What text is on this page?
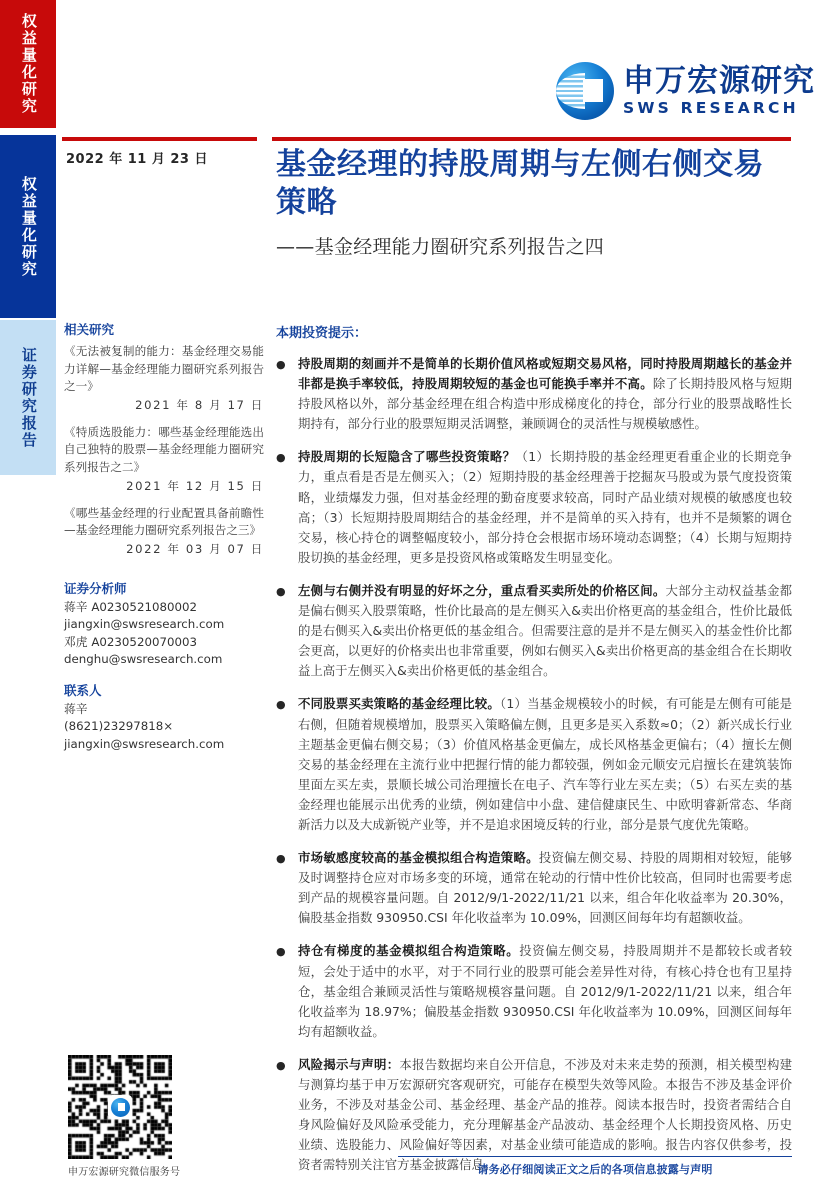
权益量化研究
权益量化研究
证券研究报告
申万宏源研究
SWS RESEARCH
2022 年 11 月 23 日 基金经理的持股周期与左侧右侧交易策略
——基金经理能力圈研究系列报告之四
相关研究
《无法被复制的能力：基金经理交易能力详解—基金经理能力圈研究系列报告之一》
2021 年 8 月 17 日
《特质选股能力：哪些基金经理能选出自己独特的股票—基金经理能力圈研究系列报告之二》
2021 年 12 月 15 日
《哪些基金经理的行业配置具备前瞻性—基金经理能力圈研究系列报告之三》
2022 年 03 月 07 日
证券分析师
蒋辛 A0230521080002
jiangxin@swsresearch.com
邓虎 A0230520070003
denghu@swsresearch.com
联系人
蒋辛
(8621)23297818×
jiangxin@swsresearch.com
申万宏源研究微信服务号
本期投资提示：
● 持股周期的刻画并不是简单的长期价值风格或短期交易风格，同时持股周期越长的基金并非都是换手率较低，持股周期较短的基金也可能换手率并不高。除了长期持股风格与短期持股风格以外，部分基金经理在组合构造中形成梯度化的持仓，部分行业的股票战略性长期持有，部分行业的股票短期灵活调整，兼顾调仓的灵活性与规模敏感性。
● 持股周期的长短隐含了哪些投资策略？（1）长期持股的基金经理更看重企业的长期竞争力，重点看是否是左侧买入；（2）短期持股的基金经理善于挖掘灰马股或为景气度投资策略，业绩爆发力强，但对基金经理的勤奋度要求较高，同时产品业绩对规模的敏感度也较高；（3）长短期持股周期结合的基金经理，并不是简单的买入持有，也并不是频繁的调仓交易，核心持仓的调整幅度较小，部分持仓会根据市场环境动态调整；（4）长期与短期持股切换的基金经理，更多是投资风格或策略发生明显变化。
● 左侧与右侧并没有明显的好坏之分，重点看买卖所处的价格区间。大部分主动权益基金都是偏右侧买入股票策略，性价比最高的是左侧买入&卖出价格更高的基金组合，性价比最低的是右侧买入&卖出价格更低的基金组合。但需要注意的是并不是左侧买入的基金性价比都会更高，以更好的价格卖出也非常重要，例如右侧买入&卖出价格更高的基金组合在长期收益上高于左侧买入&卖出价格更低的基金组合。
● 不同股票买卖策略的基金经理比较。（1）当基金规模较小的时候，有可能是左侧有可能是右侧，但随着规模增加，股票买入策略偏左侧，且更多是买入系数≈0；（2）新兴成长行业主题基金更偏右侧交易；（3）价值风格基金更偏左，成长风格基金更偏右；（4）擅长左侧交易的基金经理在主流行业中把握行情的能力都较强，例如金元顺安元启擅长在建筑装饰里面左买左卖，景顺长城公司治理擅长在电子、汽车等行业左买左卖；（5）右买左卖的基金经理也能展示出优秀的业绩，例如建信中小盘、建信健康民生、中欧明睿新常态、华商新活力以及大成新锐产业等，并不是追求困境反转的行业，部分是景气度优先策略。
● 市场敏感度较高的基金模拟组合构造策略。投资偏左侧交易、持股的周期相对较短，能够及时调整持仓应对市场多变的环境，通常在轮动的行情中性价比较高，但同时也需要考虑到产品的规模容量问题。自 2012/9/1-2022/11/21 以来，组合年化收益率为 20.30%，偏股基金指数 930950.CSI 年化收益率为 10.09%，回测区间每年均有超额收益。
● 持仓有梯度的基金模拟组合构造策略。投资偏左侧交易，持股周期并不是都较长或者较短，会处于适中的水平，对于不同行业的股票可能会差异性对待，有核心持仓也有卫星持仓，基金组合兼顾灵活性与策略规模容量问题。自 2012/9/1-2022/11/21 以来，组合年化收益率为 18.97%；偏股基金指数 930950.CSI 年化收益率为 10.09%，回测区间每年均有超额收益。
● 风险揭示与声明：本报告数据均来自公开信息，不涉及对未来走势的预测，相关模型构建与测算均基于申万宏源研究客观研究，可能存在模型失效等风险。本报告不涉及基金评价业务，不涉及对基金公司、基金经理、基金产品的推荐。阅读本报告时，投资者需结合自身风险偏好及风险承受能力，充分理解基金产品波动、基金经理个人长期投资风格、历史业绩、选股能力、风险偏好等因素，对基金业绩可能造成的影响。报告内容仅供参考，投资者需特别关注官方基金披露信息。
请务必仔细阅读正文之后的各项信息披露与声明
